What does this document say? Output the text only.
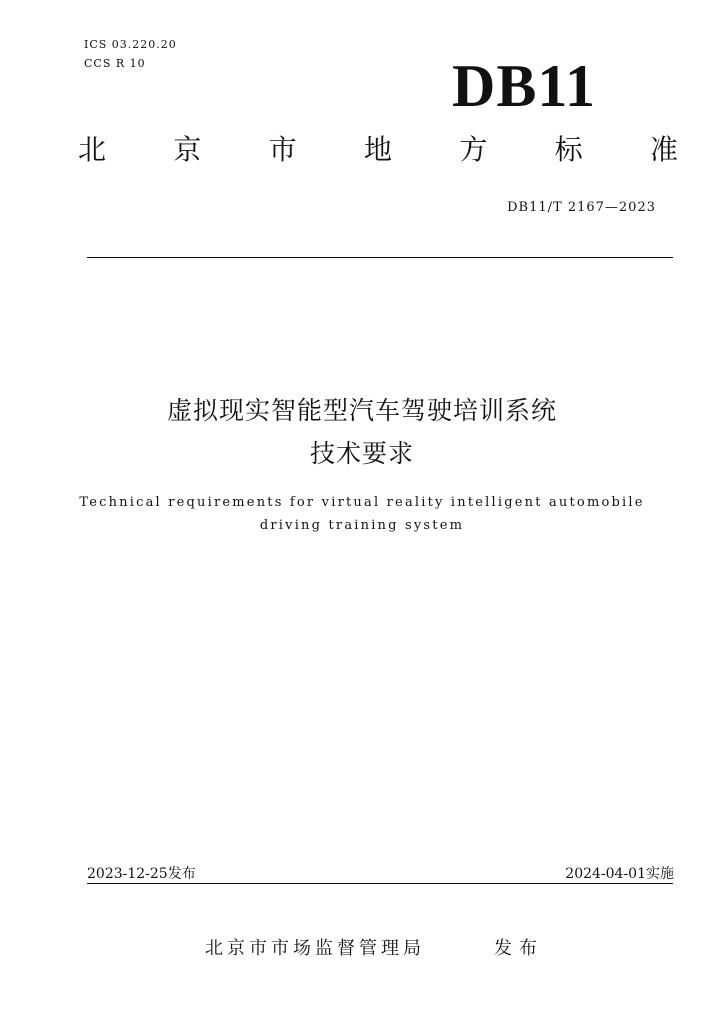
ICS 03.220.20
CCS R 10	DB11
北 京 市 地 方 标 准
DB11/T 2167—2023
虚拟现实智能型汽车驾驶培训系统
技术要求
Technical requirements for virtual reality intelligent automobile
driving training system
2023-12-25发布	2024-04-01实施
北京市市场监督管理局	发布
